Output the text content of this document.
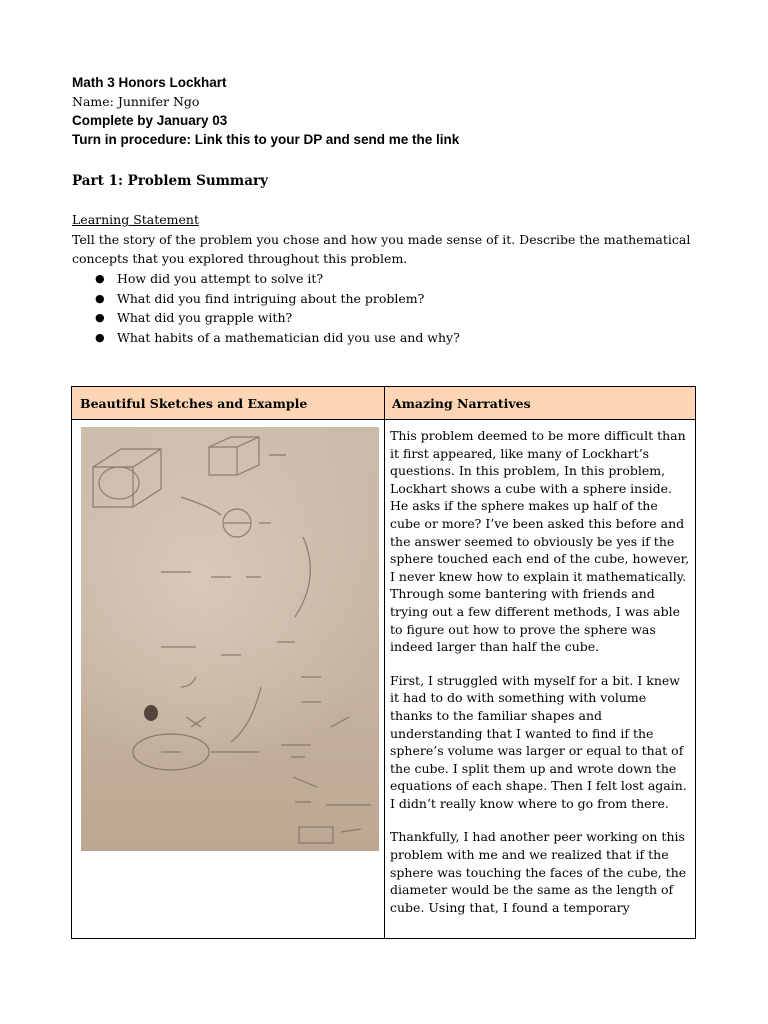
Math 3 Honors Lockhart
Name: Junnifer Ngo
Complete by January 03
Turn in procedure: Link this to your DP and send me the link
Part 1: Problem Summary
Learning Statement
Tell the story of the problem you chose and how you made sense of it. Describe the mathematical concepts that you explored throughout this problem.
● How did you attempt to solve it?
● What did you find intriguing about the problem?
● What did you grapple with?
● What habits of a mathematician did you use and why?
Beautiful Sketches and Example	Amazing Narratives

This problem deemed to be more difficult than it first appeared, like many of Lockhart’s questions. In this problem, In this problem, Lockhart shows a cube with a sphere inside. He asks if the sphere makes up half of the cube or more? I’ve been asked this before and the answer seemed to obviously be yes if the sphere touched each end of the cube, however, I never knew how to explain it mathematically. Through some bantering with friends and trying out a few different methods, I was able to figure out how to prove the sphere was indeed larger than half the cube.

First, I struggled with myself for a bit. I knew it had to do with something with volume thanks to the familiar shapes and understanding that I wanted to find if the sphere’s volume was larger or equal to that of the cube. I split them up and wrote down the equations of each shape. Then I felt lost again. I didn’t really know where to go from there.

Thankfully, I had another peer working on this problem with me and we realized that if the sphere was touching the faces of the cube, the diameter would be the same as the length of cube. Using that, I found a temporary
